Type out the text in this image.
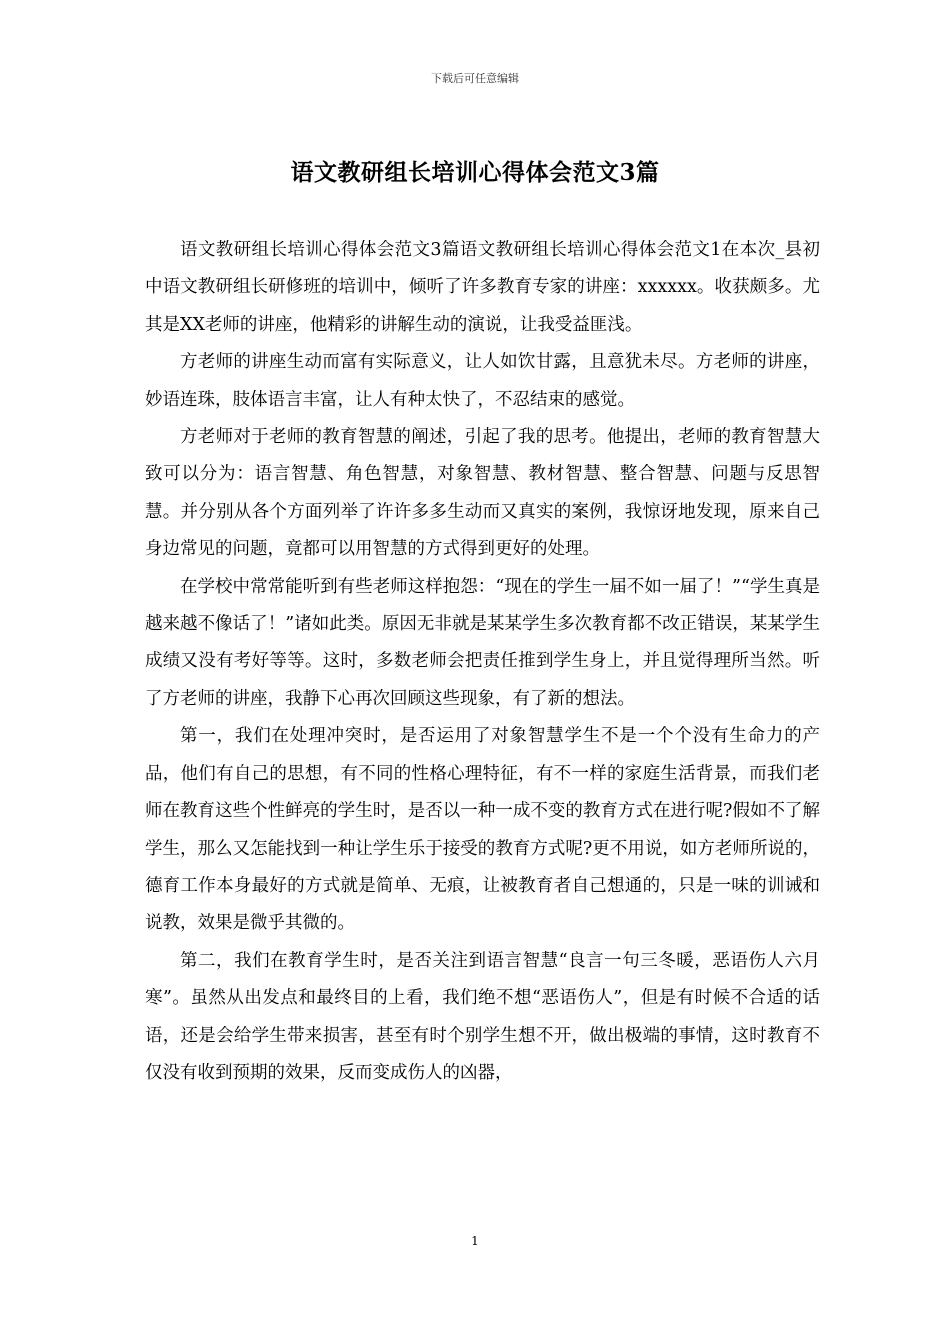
下载后可任意编辑
语文教研组长培训心得体会范文3篇

语文教研组长培训心得体会范文3篇语文教研组长培训心得体会范文1在本次_县初中语文教研组长研修班的培训中，倾听了许多教育专家的讲座：xxxxxx。收获颇多。尤其是XX老师的讲座，他精彩的讲解生动的演说，让我受益匪浅。

方老师的讲座生动而富有实际意义，让人如饮甘露，且意犹未尽。方老师的讲座，妙语连珠，肢体语言丰富，让人有种太快了，不忍结束的感觉。

方老师对于老师的教育智慧的阐述，引起了我的思考。他提出，老师的教育智慧大致可以分为：语言智慧、角色智慧，对象智慧、教材智慧、整合智慧、问题与反思智慧。并分别从各个方面列举了许许多多生动而又真实的案例，我惊讶地发现，原来自己身边常见的问题，竟都可以用智慧的方式得到更好的处理。

在学校中常常能听到有些老师这样抱怨：“现在的学生一届不如一届了！”“学生真是越来越不像话了！”诸如此类。原因无非就是某某学生多次教育都不改正错误，某某学生成绩又没有考好等等。这时，多数老师会把责任推到学生身上，并且觉得理所当然。听了方老师的讲座，我静下心再次回顾这些现象，有了新的想法。

第一，我们在处理冲突时，是否运用了对象智慧学生不是一个个没有生命力的产品，他们有自己的思想，有不同的性格心理特征，有不一样的家庭生活背景，而我们老师在教育这些个性鲜亮的学生时，是否以一种一成不变的教育方式在进行呢?假如不了解学生，那么又怎能找到一种让学生乐于接受的教育方式呢?更不用说，如方老师所说的，德育工作本身最好的方式就是简单、无痕，让被教育者自己想通的，只是一味的训诫和说教，效果是微乎其微的。

第二，我们在教育学生时，是否关注到语言智慧“良言一句三冬暖，恶语伤人六月寒”。虽然从出发点和最终目的上看，我们绝不想“恶语伤人”，但是有时候不合适的话语，还是会给学生带来损害，甚至有时个别学生想不开，做出极端的事情，这时教育不仅没有收到预期的效果，反而变成伤人的凶器，

1
